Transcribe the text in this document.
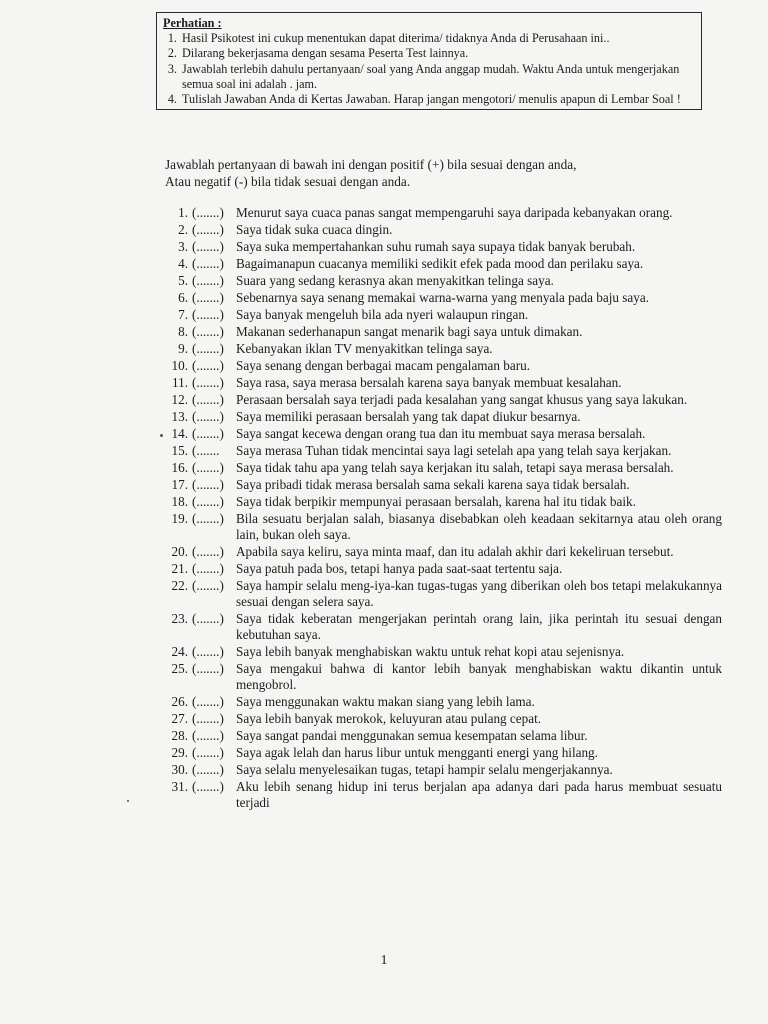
Perhatian :
1. Hasil Psikotest ini cukup menentukan dapat diterima/ tidaknya Anda di Perusahaan ini..
2. Dilarang bekerjasama dengan sesama Peserta Test lainnya.
3. Jawablah terlebih dahulu pertanyaan/ soal yang Anda anggap mudah. Waktu Anda untuk mengerjakan semua soal ini adalah . jam.
4. Tulislah Jawaban Anda di Kertas Jawaban. Harap jangan mengotori/ menulis apapun di Lembar Soal !
Jawablah pertanyaan di bawah ini dengan positif (+) bila sesuai dengan anda,
Atau negatif (-) bila tidak sesuai dengan anda.
1. (.......) Menurut saya cuaca panas sangat mempengaruhi saya daripada kebanyakan orang.
2. (.......) Saya tidak suka cuaca dingin.
3. (.......) Saya suka mempertahankan suhu rumah saya supaya tidak banyak berubah.
4. (.......) Bagaimanapun cuacanya memiliki sedikit efek pada mood dan perilaku saya.
5. (.......) Suara yang sedang kerasnya akan menyakitkan telinga saya.
6. (.......) Sebenarnya saya senang memakai warna-warna yang menyala pada baju saya.
7. (.......) Saya banyak mengeluh bila ada nyeri walaupun ringan.
8. (.......) Makanan sederhanapun sangat menarik bagi saya untuk dimakan.
9. (.......) Kebanyakan iklan TV menyakitkan telinga saya.
10. (.......) Saya senang dengan berbagai macam pengalaman baru.
11. (.......) Saya rasa, saya merasa bersalah karena saya banyak membuat kesalahan.
12. (.......) Perasaan bersalah saya terjadi pada kesalahan yang sangat khusus yang saya lakukan.
13. (.......) Saya memiliki perasaan bersalah yang tak dapat diukur besarnya.
14. (.......) Saya sangat kecewa dengan orang tua dan itu membuat saya merasa bersalah.
15. (.......	Saya merasa Tuhan tidak mencintai saya lagi setelah apa yang telah saya kerjakan.
16. (.......) Saya tidak tahu apa yang telah saya kerjakan itu salah, tetapi saya merasa bersalah.
17. (.......) Saya pribadi tidak merasa bersalah sama sekali karena saya tidak bersalah.
18. (.......) Saya tidak berpikir mempunyai perasaan bersalah, karena hal itu tidak baik.
19. (.......) Bila sesuatu berjalan salah, biasanya disebabkan oleh keadaan sekitarnya atau oleh orang lain, bukan oleh saya.
20. (.......) Apabila saya keliru, saya minta maaf, dan itu adalah akhir dari kekeliruan tersebut.
21. (.......) Saya patuh pada bos, tetapi hanya pada saat-saat tertentu saja.
22. (.......) Saya hampir selalu meng-iya-kan tugas-tugas yang diberikan oleh bos tetapi melakukannya sesuai dengan selera saya.
23. (.......) Saya tidak keberatan mengerjakan perintah orang lain, jika perintah itu sesuai dengan kebutuhan saya.
24. (.......) Saya lebih banyak menghabiskan waktu untuk rehat kopi atau sejenisnya.
25. (.......) Saya mengakui bahwa di kantor lebih banyak menghabiskan waktu dikantin untuk mengobrol.
26. (.......) Saya menggunakan waktu makan siang yang lebih lama.
27. (.......) Saya lebih banyak merokok, keluyuran atau pulang cepat.
28. (.......) Saya sangat pandai menggunakan semua kesempatan selama libur.
29. (.......) Saya agak lelah dan harus libur untuk mengganti energi yang hilang.
30. (.......) Saya selalu menyelesaikan tugas, tetapi hampir selalu mengerjakannya.
31. (.......) Aku lebih senang hidup ini terus berjalan apa adanya dari pada harus membuat sesuatu terjadi
1
